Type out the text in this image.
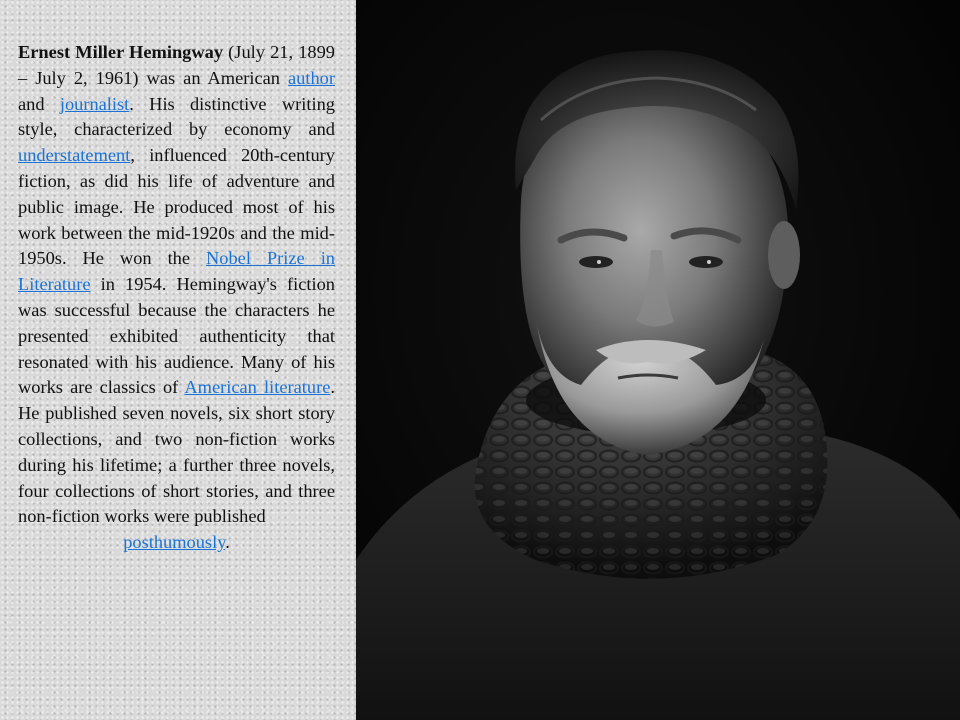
Ernest Miller Hemingway (July 21, 1899 – July 2, 1961) was an American author and journalist. His distinctive writing style, characterized by economy and understatement, influenced 20th-century fiction, as did his life of adventure and public image. He produced most of his work between the mid-1920s and the mid-1950s. He won the Nobel Prize in Literature in 1954. Hemingway's fiction was successful because the characters he presented exhibited authenticity that resonated with his audience. Many of his works are classics of American literature. He published seven novels, six short story collections, and two non-fiction works during his lifetime; a further three novels, four collections of short stories, and three non-fiction works were published
posthumously.
